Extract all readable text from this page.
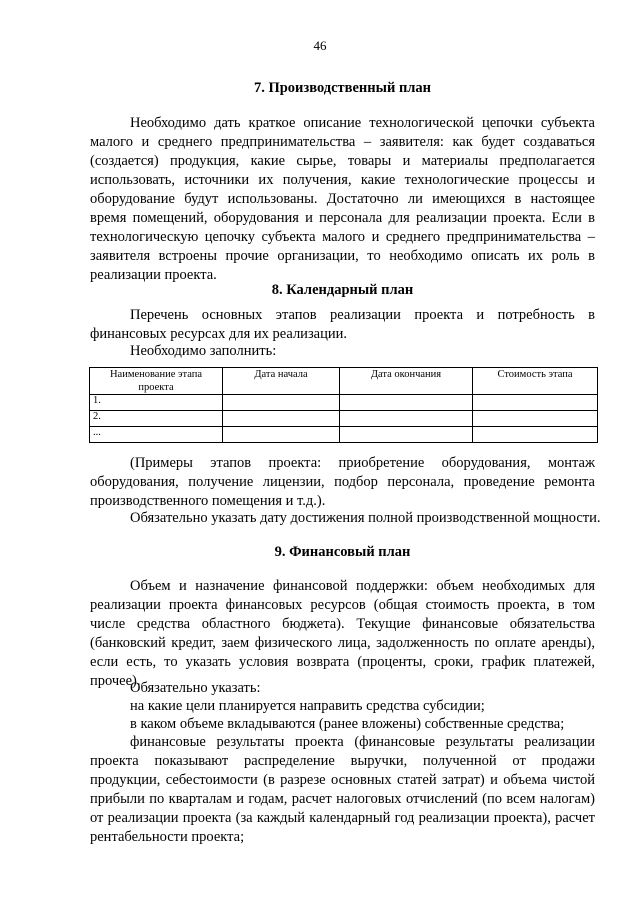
46
7. Производственный план
Необходимо дать краткое описание технологической цепочки субъекта малого и среднего предпринимательства – заявителя: как будет создаваться (создается) продукция, какие сырье, товары и материалы предполагается использовать, источники их получения, какие технологические процессы и оборудование будут использованы. Достаточно ли имеющихся в настоящее время помещений, оборудования и персонала для реализации проекта. Если в технологическую цепочку субъекта малого и среднего предпринимательства – заявителя встроены прочие организации, то необходимо описать их роль в реализации проекта.
8. Календарный план
Перечень основных этапов реализации проекта и потребность в финансовых ресурсах для их реализации.
Необходимо заполнить:
Наименование этапа проекта	Дата начала	Дата окончания	Стоимость этапа
1.			
2.			
...			
(Примеры этапов проекта: приобретение оборудования, монтаж оборудования, получение лицензии, подбор персонала, проведение ремонта производственного помещения и т.д.).
Обязательно указать дату достижения полной производственной мощности.
9. Финансовый план
Объем и назначение финансовой поддержки: объем необходимых для реализации проекта финансовых ресурсов (общая стоимость проекта, в том числе средства областного бюджета). Текущие финансовые обязательства (банковский кредит, заем физического лица, задолженность по оплате аренды), если есть, то указать условия возврата (проценты, сроки, график платежей, прочее).
Обязательно указать:
на какие цели планируется направить средства субсидии;
в каком объеме вкладываются (ранее вложены) собственные средства;
финансовые результаты проекта (финансовые результаты реализации проекта показывают распределение выручки, полученной от продажи продукции, себестоимости (в разрезе основных статей затрат) и объема чистой прибыли по кварталам и годам, расчет налоговых отчислений (по всем налогам) от реализации проекта (за каждый календарный год реализации проекта), расчет рентабельности проекта;
